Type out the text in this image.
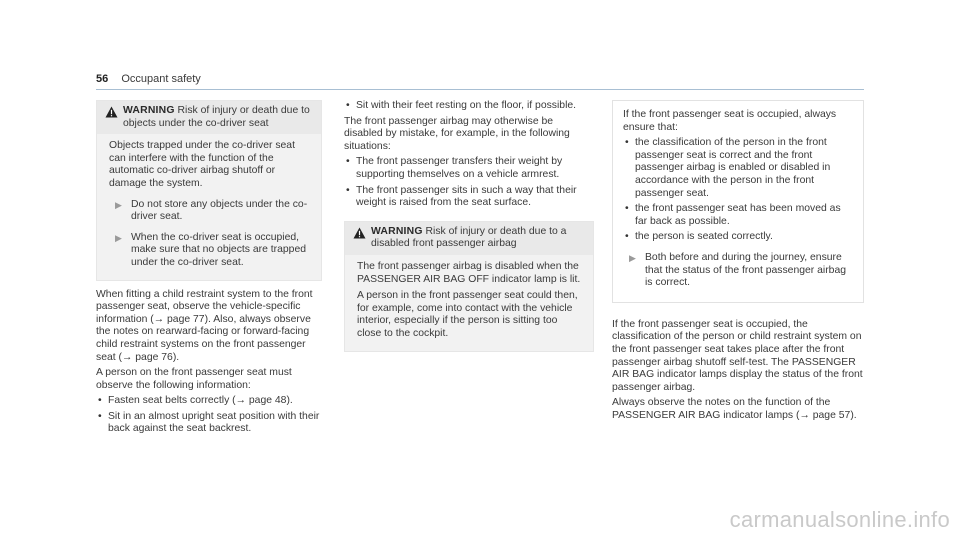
56 Occupant safety
WARNING Risk of injury or death due to objects under the co-driver seat

Objects trapped under the co-driver seat can interfere with the function of the automatic co-driver airbag shutoff or damage the system.

▶ Do not store any objects under the co-driver seat.
▶ When the co-driver seat is occupied, make sure that no objects are trapped under the co-driver seat.

When fitting a child restraint system to the front passenger seat, observe the vehicle-specific information (→ page 77). Also, always observe the notes on rearward-facing or forward-facing child restraint systems on the front passenger seat (→ page 76).

A person on the front passenger seat must observe the following information:

• Fasten seat belts correctly (→ page 48).
• Sit in an almost upright seat position with their back against the seat backrest.
• Sit with their feet resting on the floor, if possible.

The front passenger airbag may otherwise be disabled by mistake, for example, in the following situations:

• The front passenger transfers their weight by supporting themselves on a vehicle armrest.
• The front passenger sits in such a way that their weight is raised from the seat surface.
WARNING Risk of injury or death due to a disabled front passenger airbag

The front passenger airbag is disabled when the PASSENGER AIR BAG OFF indicator lamp is lit.

A person in the front passenger seat could then, for example, come into contact with the vehicle interior, especially if the person is sitting too close to the cockpit.

If the front passenger seat is occupied, always ensure that:

• the classification of the person in the front passenger seat is correct and the front passenger airbag is enabled or disabled in accordance with the person in the front passenger seat.
• the front passenger seat has been moved as far back as possible.
• the person is seated correctly.
▶ Both before and during the journey, ensure that the status of the front passenger airbag is correct.

If the front passenger seat is occupied, the classification of the person or child restraint system on the front passenger seat takes place after the front passenger airbag shutoff self-test. The PASSENGER AIR BAG indicator lamps display the status of the front passenger airbag.

Always observe the notes on the function of the PASSENGER AIR BAG indicator lamps (→ page 57).

carmanualsonline.info
